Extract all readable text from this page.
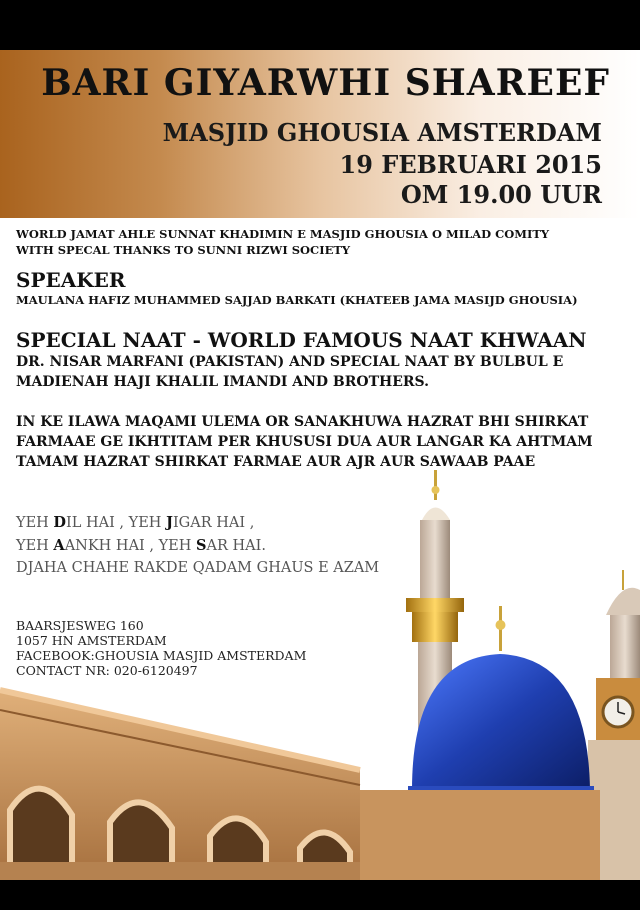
BARI GIYARWHI SHAREEF

MASJID GHOUSIA AMSTERDAM

19 FEBRUARI 2015

OM 19.00 UUR

WORLD JAMAT AHLE SUNNAT KHADIMIN E MASJID GHOUSIA O MILAD COMITY

WITH SPECAL THANKS TO SUNNI RIZWI SOCIETY

SPEAKER

MAULANA HAFIZ MUHAMMED SAJJAD BARKATI (KHATEEB JAMA MASIJD GHOUSIA)

SPECIAL NAAT - WORLD FAMOUS NAAT KHWAAN

DR. NISAR MARFANI (PAKISTAN) AND SPECIAL NAAT BY BULBUL E

MADIENAH HAJI KHALIL IMANDI AND BROTHERS.

IN KE ILAWA MAQAMI ULEMA OR SANAKHUWA HAZRAT BHI SHIRKAT

FARMAAE GE IKHTITAM PER KHUSUSI DUA AUR LANGAR KA AHTMAM

TAMAM HAZRAT SHIRKAT FARMAE AUR AJR AUR SAWAAB PAAE

YEH DIL HAI , YEH JIGAR HAI ,

YEH AANKH HAI , YEH SAR HAI.

DJAHA CHAHE RAKDE QADAM GHAUS E AZAM

BAARSJESWEG 160

1057 HN AMSTERDAM

FACEBOOK:GHOUSIA MASJID AMSTERDAM

CONTACT NR: 020-6120497
